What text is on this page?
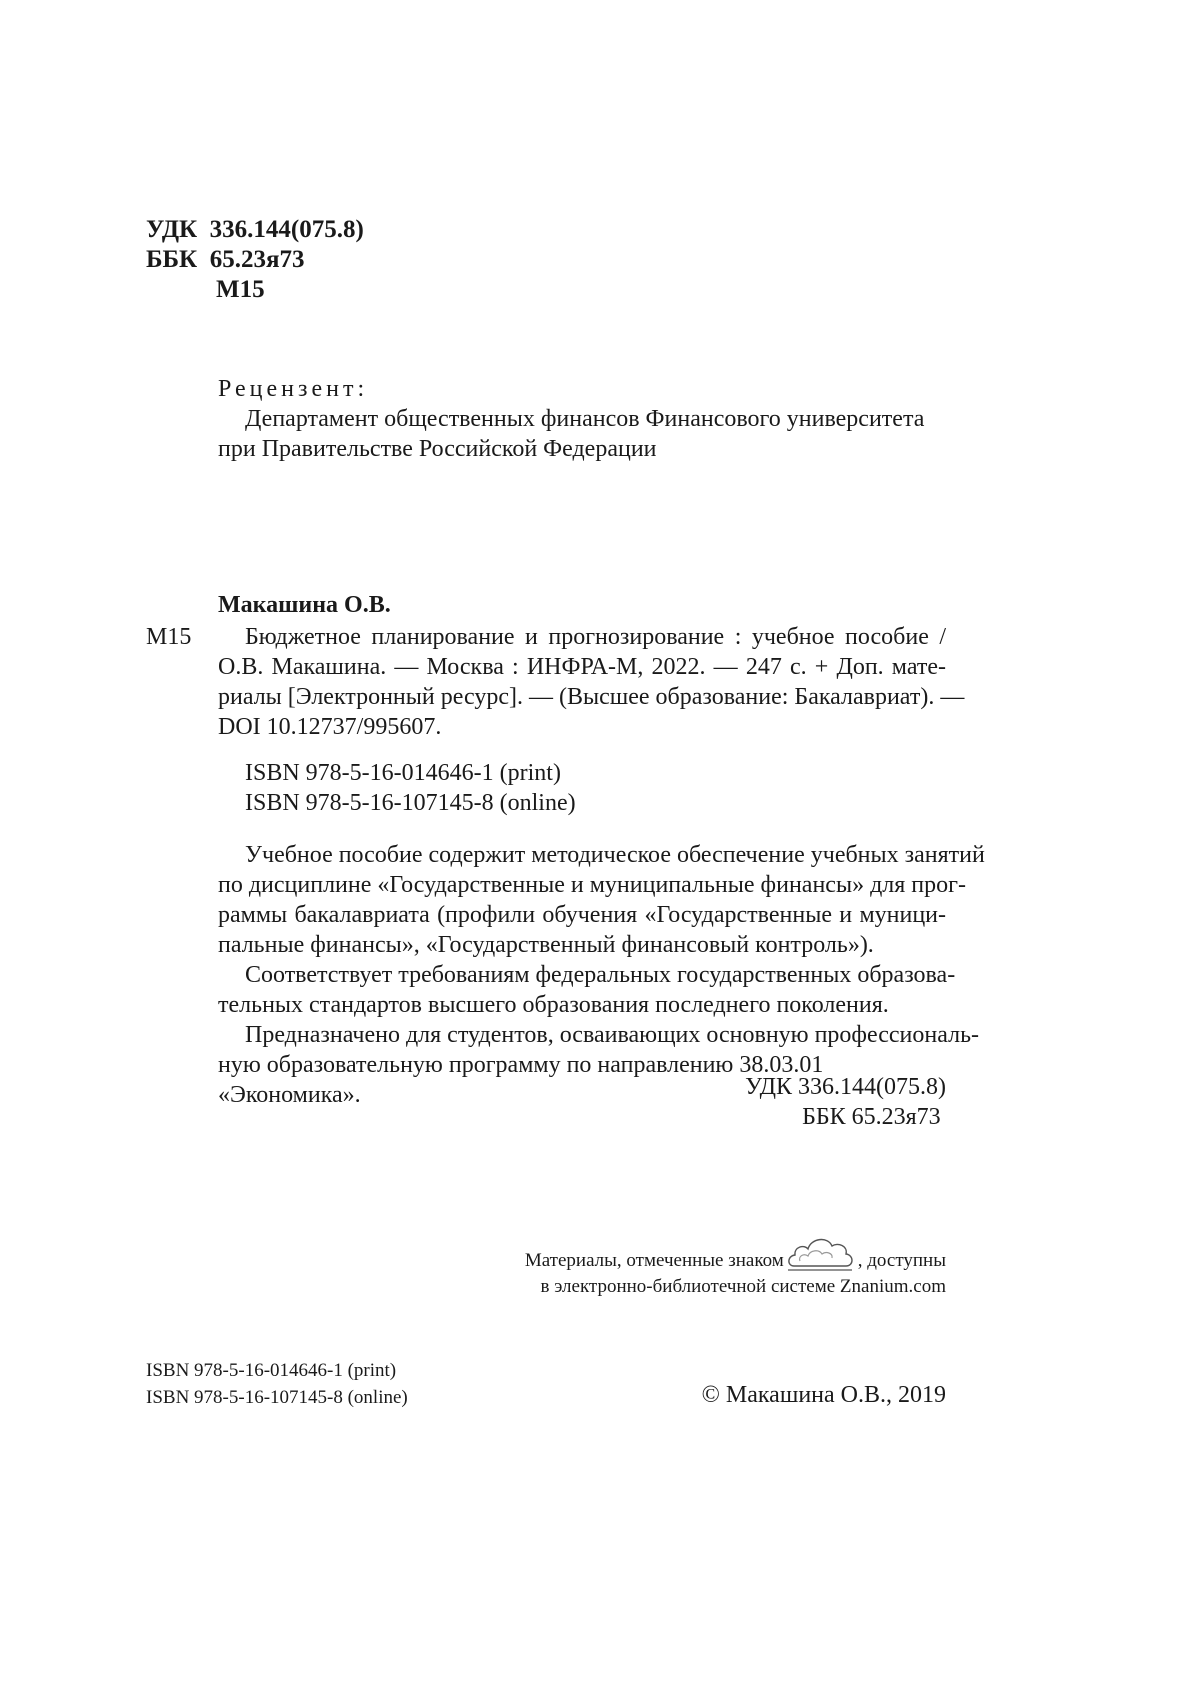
УДК 336.144(075.8)
ББК 65.23я73
М15
Рецензент:
Департамент общественных финансов Финансового университета
при Правительстве Российской Федерации
Макашина О.В.
М15	Бюджетное планирование и прогнозирование : учебное пособие /
О.В. Макашина. — Москва : ИНФРА-М, 2022. — 247 с. + Доп. мате-
риалы [Электронный ресурс]. — (Высшее образование: Бакалавриат). —
DOI 10.12737/995607.
ISBN 978-5-16-014646-1 (print)
ISBN 978-5-16-107145-8 (online)
Учебное пособие содержит методическое обеспечение учебных занятий
по дисциплине «Государственные и муниципальные финансы» для прог-
раммы бакалавриата (профили обучения «Государственные и муници-
пальные финансы», «Государственный финансовый контроль»).
Соответствует требованиям федеральных государственных образова-
тельных стандартов высшего образования последнего поколения.
Предназначено для студентов, осваивающих основную профессиональ-
ную образовательную программу по направлению 38.03.01 «Экономика».	УДК 336.144(075.8)
ББК 65.23я73
Материалы, отмеченные знаком	, доступны
в электронно-библиотечной системе Znanium.com
ISBN 978-5-16-014646-1 (print)
ISBN 978-5-16-107145-8 (online)	© Макашина О.В., 2019
